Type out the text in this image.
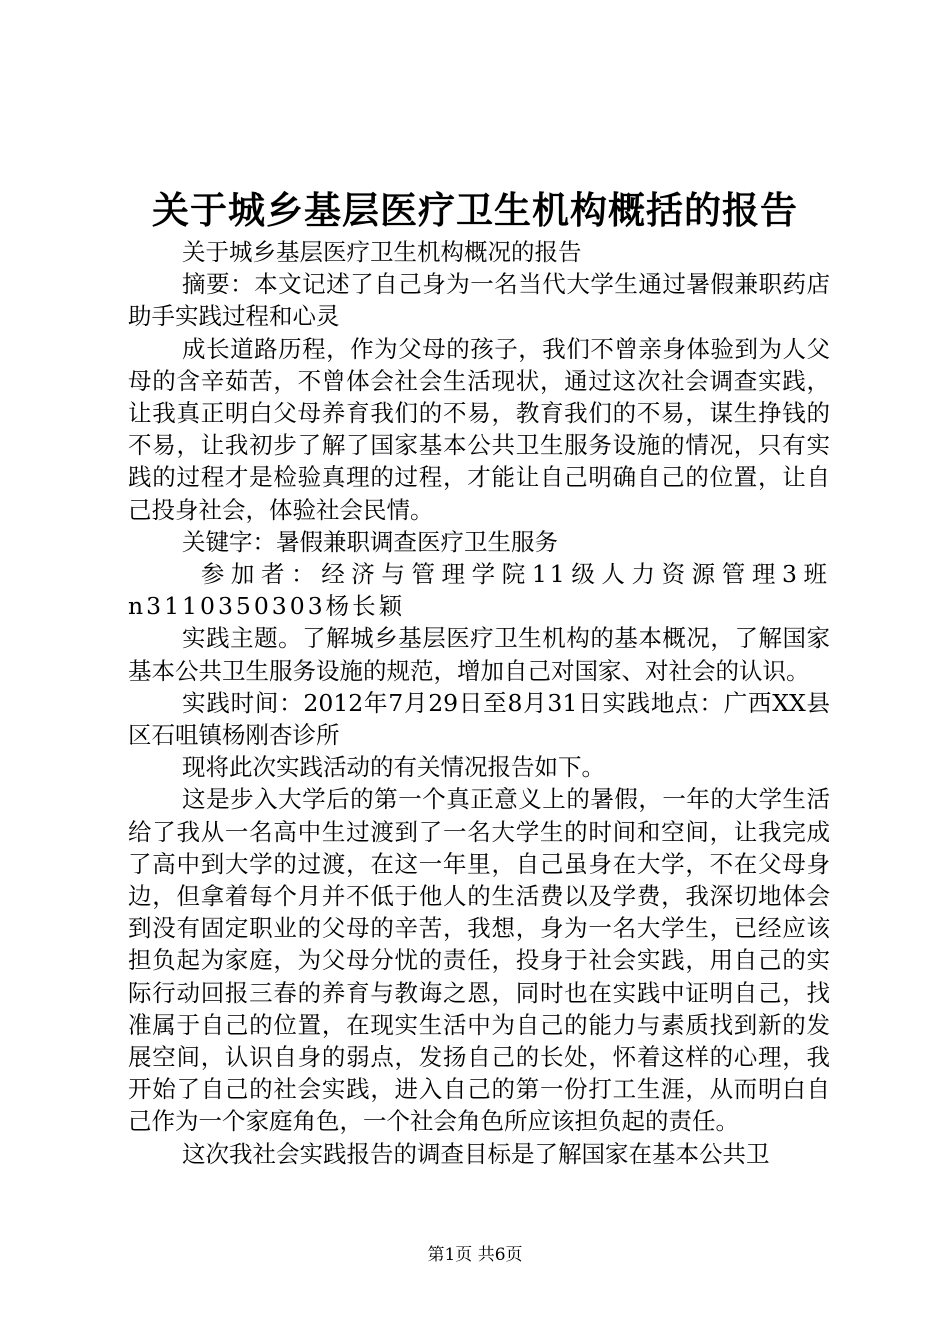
关于城乡基层医疗卫生机构概括的报告

关于城乡基层医疗卫生机构概况的报告

摘要：本文记述了自己身为一名当代大学生通过暑假兼职药店助手实践过程和心灵

成长道路历程，作为父母的孩子，我们不曾亲身体验到为人父母的含辛茹苦，不曾体会社会生活现状，通过这次社会调查实践，让我真正明白父母养育我们的不易，教育我们的不易，谋生挣钱的不易，让我初步了解了国家基本公共卫生服务设施的情况，只有实践的过程才是检验真理的过程，才能让自己明确自己的位置，让自己投身社会，体验社会民情。

关键字：暑假兼职调查医疗卫生服务

参加者：经济与管理学院11级人力资源管理3班n3110350303杨长颖

实践主题。了解城乡基层医疗卫生机构的基本概况，了解国家基本公共卫生服务设施的规范，增加自己对国家、对社会的认识。

实践时间：2012年7月29日至8月31日实践地点：广西XX县区石咀镇杨刚杏诊所

现将此次实践活动的有关情况报告如下。

这是步入大学后的第一个真正意义上的暑假，一年的大学生活给了我从一名高中生过渡到了一名大学生的时间和空间，让我完成了高中到大学的过渡，在这一年里，自己虽身在大学，不在父母身边，但拿着每个月并不低于他人的生活费以及学费，我深切地体会到没有固定职业的父母的辛苦，我想，身为一名大学生，已经应该担负起为家庭，为父母分忧的责任，投身于社会实践，用自己的实际行动回报三春的养育与教诲之恩，同时也在实践中证明自己，找准属于自己的位置，在现实生活中为自己的能力与素质找到新的发展空间，认识自身的弱点，发扬自己的长处，怀着这样的心理，我开始了自己的社会实践，进入自己的第一份打工生涯，从而明白自己作为一个家庭角色，一个社会角色所应该担负起的责任。

这次我社会实践报告的调查目标是了解国家在基本公共卫

第1页 共6页
